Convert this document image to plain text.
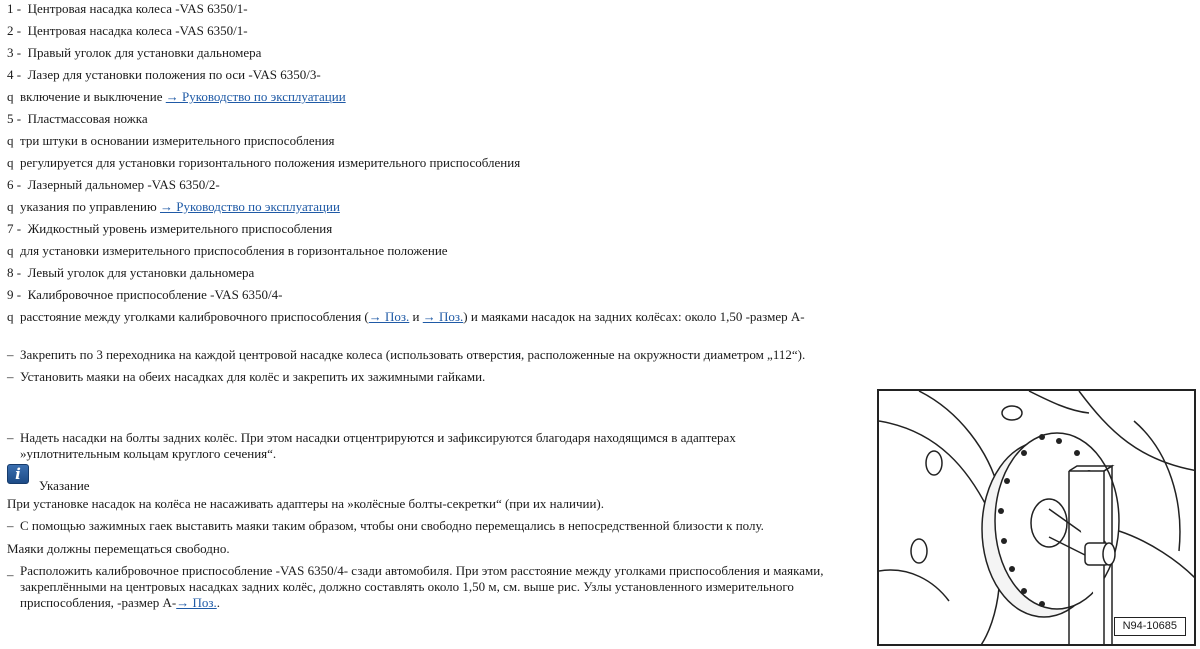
1 - Центровая насадка колеса -VAS 6350/1-
2 - Центровая насадка колеса -VAS 6350/1-
3 - Правый уголок для установки дальномера
4 - Лазер для установки положения по оси -VAS 6350/3-
q включение и выключение → Руководство по эксплуатации
5 - Пластмассовая ножка
q три штуки в основании измерительного приспособления
q регулируется для установки горизонтального положения измерительного приспособления
6 - Лазерный дальномер -VAS 6350/2-
q указания по управлению → Руководство по эксплуатации
7 - Жидкостный уровень измерительного приспособления
q для установки измерительного приспособления в горизонтальное положение
8 - Левый уголок для установки дальномера
9 - Калибровочное приспособление -VAS 6350/4-
q расстояние между уголками калибровочного приспособления (→ Поз. и → Поз.) и маяками насадок на задних колёсах: около 1,50 -размер А-
– Закрепить по 3 переходника на каждой центровой насадке колеса (использовать отверстия, расположенные на окружности диаметром „112“).
– Установить маяки на обеих насадках для колёс и закрепить их зажимными гайками.
– Надеть насадки на болты задних колёс. При этом насадки отцентрируются и зафиксируются благодаря находящимся в адаптерах
»уплотнительным кольцам круглого сечения“.
i
Указание
При установке насадок на колёса не насаживать адаптеры на »колёсные болты-секретки“ (при их наличии).
– С помощью зажимных гаек выставить маяки таким образом, чтобы они свободно перемещались в непосредственной близости к полу.
Маяки должны перемещаться свободно.
– Расположить калибровочное приспособление -VAS 6350/4- сзади автомобиля. При этом расстояние между уголками приспособления и маяками, закреплёнными на центровых насадках задних колёс, должно составлять около 1,50 м, см. выше рис. Узлы установленного измерительного приспособления, -размер А-→ Поз..
N94-10685
